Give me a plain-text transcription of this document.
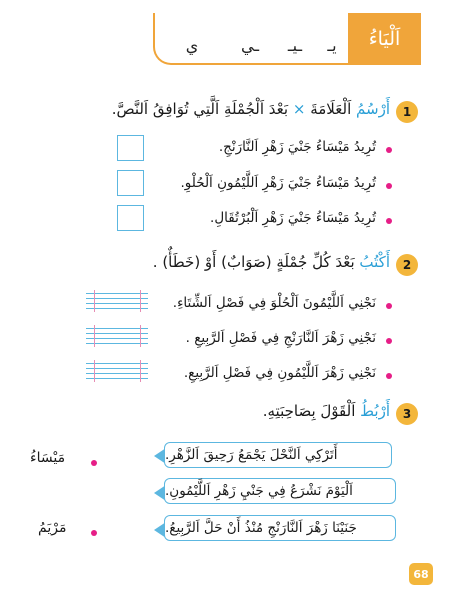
اَلْيَاءُ
يـ
ـيـ
ـي
ي
1
أَرْسُمُ اَلْعَلَامَةَ × بَعْدَ اَلْجُمْلَةِ اَلَّتِي تُوَافِقُ اَلنَّصَّ.
تُرِيدُ مَيْسَاءُ جَنْيَ زَهْرِ اَلنَّارَنْجِ.
تُرِيدُ مَيْسَاءُ جَنْيَ زَهْرِ اَللَّيْمُونِ اَلْحُلْوِ.
تُرِيدُ مَيْسَاءُ جَنْيَ زَهْرِ اَلْبُرْتُقَالِ.
2
أَكْتُبُ بَعْدَ كُلِّ جُمْلَةٍ (صَوَابٌ) أَوْ (خَطَأٌ) .
نَجْنِي اَللَّيْمُونَ اَلْحُلْوَ فِي فَصْلِ اَلشِّتَاءِ.
نَجْنِي زَهْرَ اَلنَّارَنْجِ فِي فَصْلِ اَلرَّبِيعِ .
نَجْنِي زَهْرَ اَللَّيْمُونِ فِي فَصْلِ اَلرَّبِيعِ.
3
أَرْبُطُ اَلْقَوْلَ بِصَاحِبَتِهِ.
أَتَرْكِي اَلنَّحْلَ يَجْمَعُ رَحِيقَ اَلزَّهْرِ.
اَلْيَوْمَ نَشْرَعُ فِي جَنْيِ زَهْرِ اَللَّيْمُونِ.
جَنَيْنَا زَهْرَ اَلنَّارَنْجِ مُنْذُ أَنْ حَلَّ اَلرَّبِيعُ.
مَيْسَاءُ
مَرْيَمُ
68
